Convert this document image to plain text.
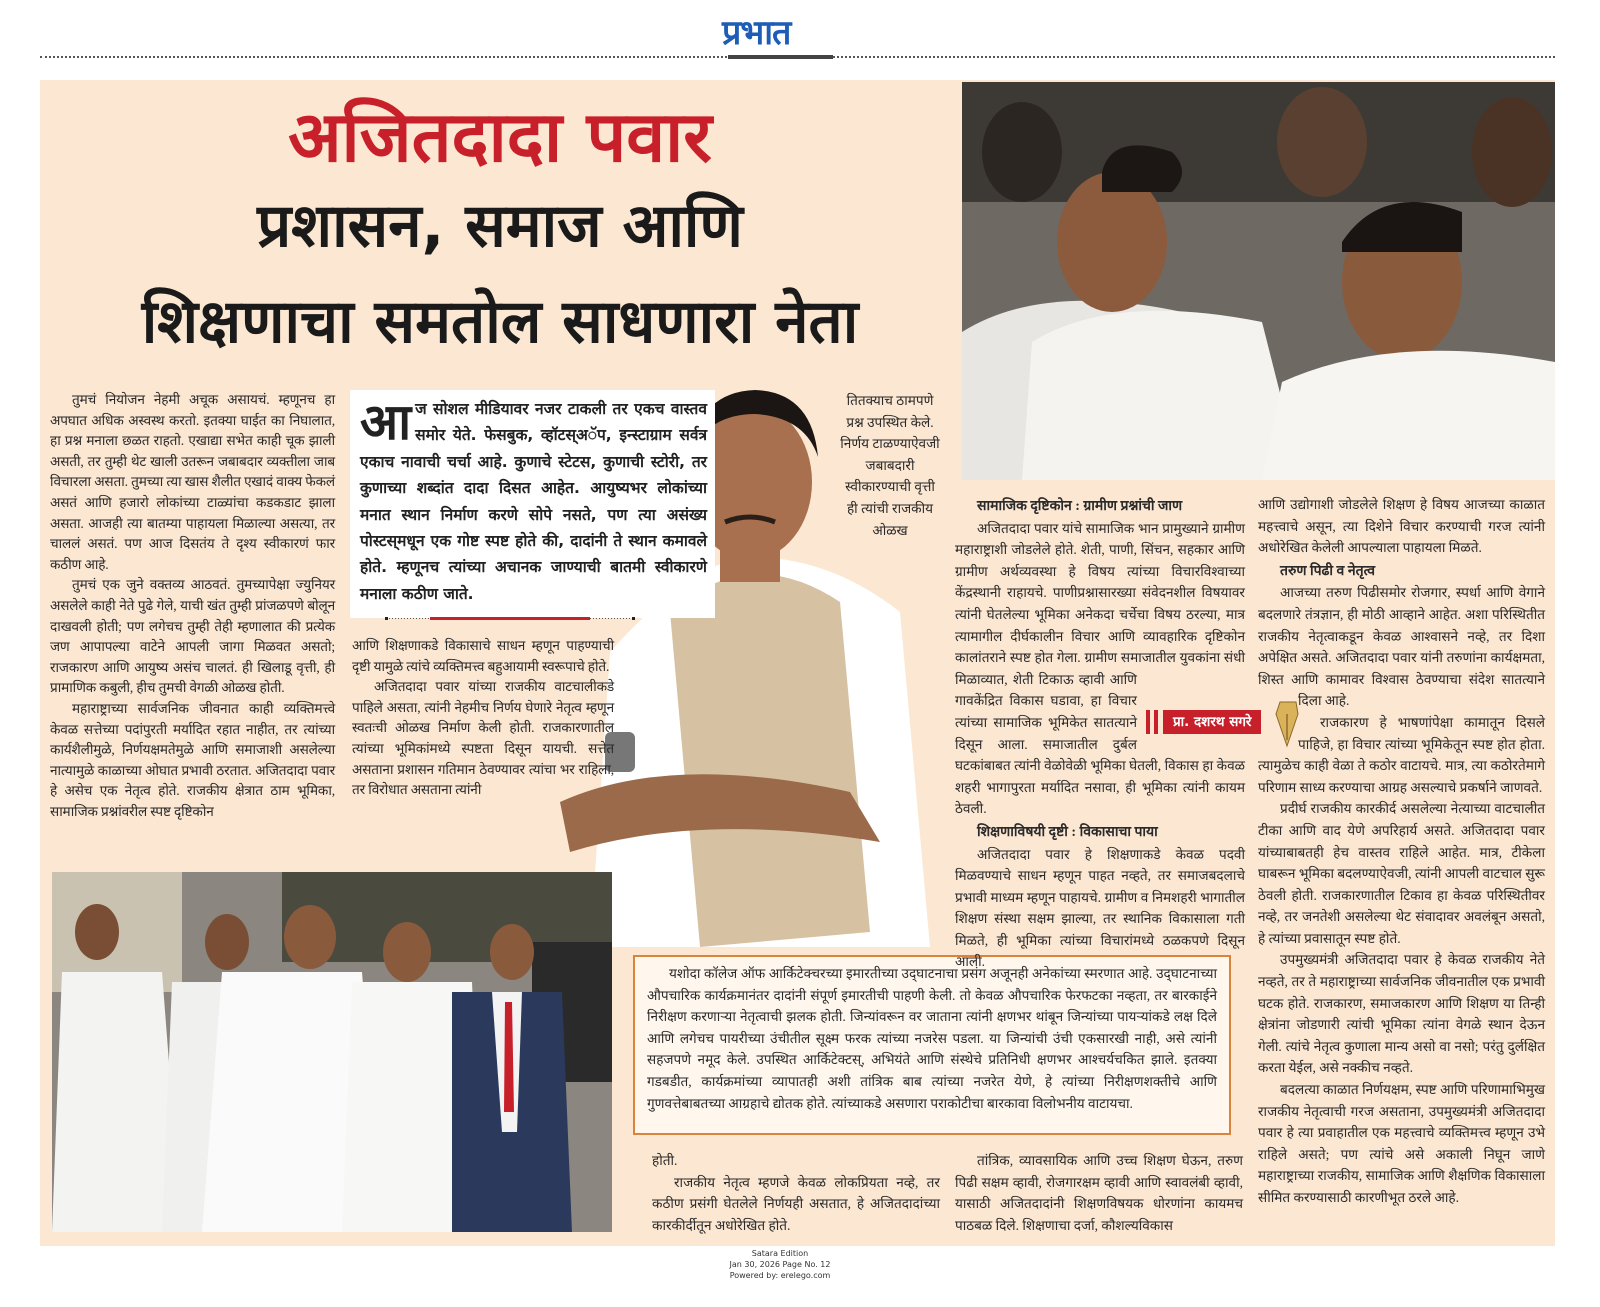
प्रभात
अजितदादा पवार
प्रशासन, समाज आणि
शिक्षणाचा समतोल साधणारा नेता

यशोदा कॉलेज ऑफ आर्किटेक्चरच्या इमारतीच्या उद्‌घाटनाचा प्रसंग अजूनही अनेकांच्या स्मरणात आहे. उद्‌घाटनाच्या औपचारिक कार्यक्रमानंतर दादांनी संपूर्ण इमारतीची पाहणी केली. तो केवळ औपचारिक फेरफटका नव्हता, तर बारकाईने निरीक्षण करणाऱ्या नेतृत्वाची झलक होती. जिन्यांवरून वर जाताना त्यांनी क्षणभर थांबून जिन्यांच्या पायऱ्यांकडे लक्ष दिले आणि लगेचच पायरीच्या उंचीतील सूक्ष्म फरक त्यांच्या नजरेस पडला. या जिन्यांची उंची एकसारखी नाही, असे त्यांनी सहजपणे नमूद केले. उपस्थित आर्किटेक्टस्, अभियंते आणि संस्थेचे प्रतिनिधी क्षणभर आश्चर्यचकित झाले. इतक्या गडबडीत, कार्यक्रमांच्या व्यापातही अशी तांत्रिक बाब त्यांच्या नजरेत येणे, हे त्यांच्या निरीक्षणशक्तीचे आणि गुणवत्तेबाबतच्या आग्रहाचे द्योतक होते. त्यांच्याकडे असणारा पराकोटीचा बारकावा विलोभनीय वाटायचा.

आज सोशल मीडियावर नजर टाकली तर एकच वास्तव समोर येते. फेसबुक, व्हॉटस्‌अॅप, इन्स्टाग्राम सर्वत्र एकाच नावाची चर्चा आहे. कुणाचे स्टेटस, कुणाची स्टोरी, तर कुणाच्या शब्दांत दादा दिसत आहेत. आयुष्यभर लोकांच्या मनात स्थान निर्माण करणे सोपे नसते, पण त्या असंख्य पोस्टस्‌मधून एक गोष्ट स्पष्ट होते की, दादांनी ते स्थान कमावले होते. म्हणूनच त्यांच्या अचानक जाण्याची बातमी स्वीकारणे मनाला कठीण जाते.

तुमचं नियोजन नेहमी अचूक असायचं. म्हणूनच हा अपघात अधिक अस्वस्थ करतो. इतक्या घाईत का निघालात, हा प्रश्न मनाला छळत राहतो. एखाद्या सभेत काही चूक झाली असती, तर तुम्ही थेट खाली उतरून जबाबदार व्यक्तीला जाब विचारला असता. तुमच्या त्या खास शैलीत एखादं वाक्य फेकलं असतं आणि हजारो लोकांच्या टाळ्यांचा कडकडाट झाला असता. आजही त्या बातम्या पाहायला मिळाल्या असत्या, तर चाललं असतं. पण आज दिसतंय ते दृश्य स्वीकारणं फार कठीण आहे.

तुमचं एक जुने वक्तव्य आठवतं. तुमच्यापेक्षा ज्युनियर असलेले काही नेते पुढे गेले, याची खंत तुम्ही प्रांजळपणे बोलून दाखवली होती; पण लगेचच तुम्ही तेही म्हणालात की प्रत्येक जण आपापल्या वाटेने आपली जागा मिळवत असतो; राजकारण आणि आयुष्य असंच चालतं. ही खिलाडू वृत्ती, ही प्रामाणिक कबुली, हीच तुमची वेगळी ओळख होती.

महाराष्ट्राच्या सार्वजनिक जीवनात काही व्यक्तिमत्त्वे केवळ सत्तेच्या पदांपुरती मर्यादित रहात नाहीत, तर त्यांच्या कार्यशैलीमुळे, निर्णयक्षमतेमुळे आणि समाजाशी असलेल्या नात्यामुळे काळाच्या ओघात प्रभावी ठरतात. अजितदादा पवार हे असेच एक नेतृत्व होते. राजकीय क्षेत्रात ठाम भूमिका, सामाजिक प्रश्नांवरील स्पष्ट दृष्टिकोन

आणि शिक्षणाकडे विकासाचे साधन म्हणून पाहण्याची दृष्टी यामुळे त्यांचे व्यक्तिमत्त्व बहुआयामी स्वरूपाचे होते.

अजितदादा पवार यांच्या राजकीय वाटचालीकडे पाहिले असता, त्यांनी नेहमीच निर्णय घेणारे नेतृत्व म्हणून स्वतःची ओळख निर्माण केली होती. राजकारणातील त्यांच्या भूमिकांमध्ये स्पष्टता दिसून यायची. सत्तेत असताना प्रशासन गतिमान ठेवण्यावर त्यांचा भर राहिला, तर विरोधात असताना त्यांनी

तितक्याच ठामपणे प्रश्न उपस्थित केले.

निर्णय टाळण्याऐवजी जबाबदारी स्वीकारण्याची वृत्ती ही त्यांची राजकीय ओळख

सामाजिक दृष्टिकोन : ग्रामीण प्रश्नांची जाण

अजितदादा पवार यांचे सामाजिक भान प्रामुख्याने ग्रामीण महाराष्ट्राशी जोडलेले होते. शेती, पाणी, सिंचन, सहकार आणि ग्रामीण अर्थव्यवस्था हे विषय त्यांच्या विचारविश्वाच्या केंद्रस्थानी राहायचे. पाणीप्रश्नासारख्या संवेदनशील विषयावर त्यांनी घेतलेल्या भूमिका अनेकदा चर्चेचा विषय ठरल्या, मात्र त्यामागील दीर्घकालीन विचार आणि व्यावहारिक दृष्टिकोन कालांतराने स्पष्ट होत गेला. ग्रामीण समाजातील युवकांना संधी मिळाव्यात, शेती टिकाऊ व्हावी आणि गावकेंद्रित विकास घडावा, हा विचार त्यांच्या सामाजिक भूमिकेत सातत्याने दिसून आला. समाजातील दुर्बल घटकांबाबत त्यांनी वेळोवेळी भूमिका घेतली, विकास हा केवळ शहरी भागापुरता मर्यादित नसावा, ही भूमिका त्यांनी कायम ठेवली.

शिक्षणाविषयी दृष्टी : विकासाचा पाया

अजितदादा पवार हे शिक्षणाकडे केवळ पदवी मिळवण्याचे साधन म्हणून पाहत नव्हते, तर समाजबदलाचे प्रभावी माध्यम म्हणून पाहायचे. ग्रामीण व निमशहरी भागातील शिक्षण संस्था सक्षम झाल्या, तर स्थानिक विकासाला गती मिळते, ही भूमिका त्यांच्या विचारांमध्ये ठळकपणे दिसून आली.

आणि उद्योगाशी जोडलेले शिक्षण हे विषय आजच्या काळात महत्त्वाचे असून, त्या दिशेने विचार करण्याची गरज त्यांनी अधोरेखित केलेली आपल्याला पाहायला मिळते.

तरुण पिढी व नेतृत्व

आजच्या तरुण पिढीसमोर रोजगार, स्पर्धा आणि वेगाने बदलणारे तंत्रज्ञान, ही मोठी आव्हाने आहेत. अशा परिस्थितीत राजकीय नेतृत्वाकडून केवळ आश्वासने नव्हे, तर दिशा अपेक्षित असते. अजितदादा पवार यांनी तरुणांना कार्यक्षमता, शिस्त आणि कामावर विश्वास ठेवण्याचा संदेश सातत्याने दिला आहे.

राजकारण हे भाषणांपेक्षा कामातून दिसले पाहिजे, हा विचार त्यांच्या भूमिकेतून स्पष्ट होत होता. त्यामुळेच काही वेळा ते कठोर वाटायचे. मात्र, त्या कठोरतेमागे परिणाम साध्य करण्याचा आग्रह असल्याचे प्रकर्षाने जाणवते.

प्रदीर्घ राजकीय कारकीर्द असलेल्या नेत्याच्या वाटचालीत टीका आणि वाद येणे अपरिहार्य असते. अजितदादा पवार यांच्याबाबतही हेच वास्तव राहिले आहेत. मात्र, टीकेला घाबरून भूमिका बदलण्याऐवजी, त्यांनी आपली वाटचाल सुरू ठेवली होती. राजकारणातील टिकाव हा केवळ परिस्थितीवर नव्हे, तर जनतेशी असलेल्या थेट संवादावर अवलंबून असतो, हे त्यांच्या प्रवासातून स्पष्ट होते.

उपमुख्यमंत्री अजितदादा पवार हे केवळ राजकीय नेते नव्हते, तर ते महाराष्ट्राच्या सार्वजनिक जीवनातील एक प्रभावी घटक होते. राजकारण, समाजकारण आणि शिक्षण या तिन्ही क्षेत्रांना जोडणारी त्यांची भूमिका त्यांना वेगळे स्थान देऊन गेली. त्यांचे नेतृत्व कुणाला मान्य असो वा नसो; परंतु दुर्लक्षित करता येईल, असे नक्कीच नव्हते.

बदलत्या काळात निर्णयक्षम, स्पष्ट आणि परिणामाभिमुख राजकीय नेतृत्वाची गरज असताना, उपमुख्यमंत्री अजितदादा पवार हे त्या प्रवाहातील एक महत्त्वाचे व्यक्तिमत्त्व म्हणून उभे राहिले असते; पण त्यांचे असे अकाली निघून जाणे महाराष्ट्राच्या राजकीय, सामाजिक आणि शैक्षणिक विकासाला सीमित करण्यासाठी कारणीभूत ठरले आहे.

प्रा. दशरथ सगरे

होती.

राजकीय नेतृत्व म्हणजे केवळ लोकप्रियता नव्हे, तर कठीण प्रसंगी घेतलेले निर्णयही असतात, हे अजितदादांच्या कारकीर्दीतून अधोरेखित होते.

तांत्रिक, व्यावसायिक आणि उच्च शिक्षण घेऊन, तरुण पिढी सक्षम व्हावी, रोजगारक्षम व्हावी आणि स्वावलंबी व्हावी, यासाठी अजितदादांनी शिक्षणविषयक धोरणांना कायमच पाठबळ दिले. शिक्षणाचा दर्जा, कौशल्यविकास

Satara Edition
Jan 30, 2026 Page No. 12
Powered by: erelego.com
